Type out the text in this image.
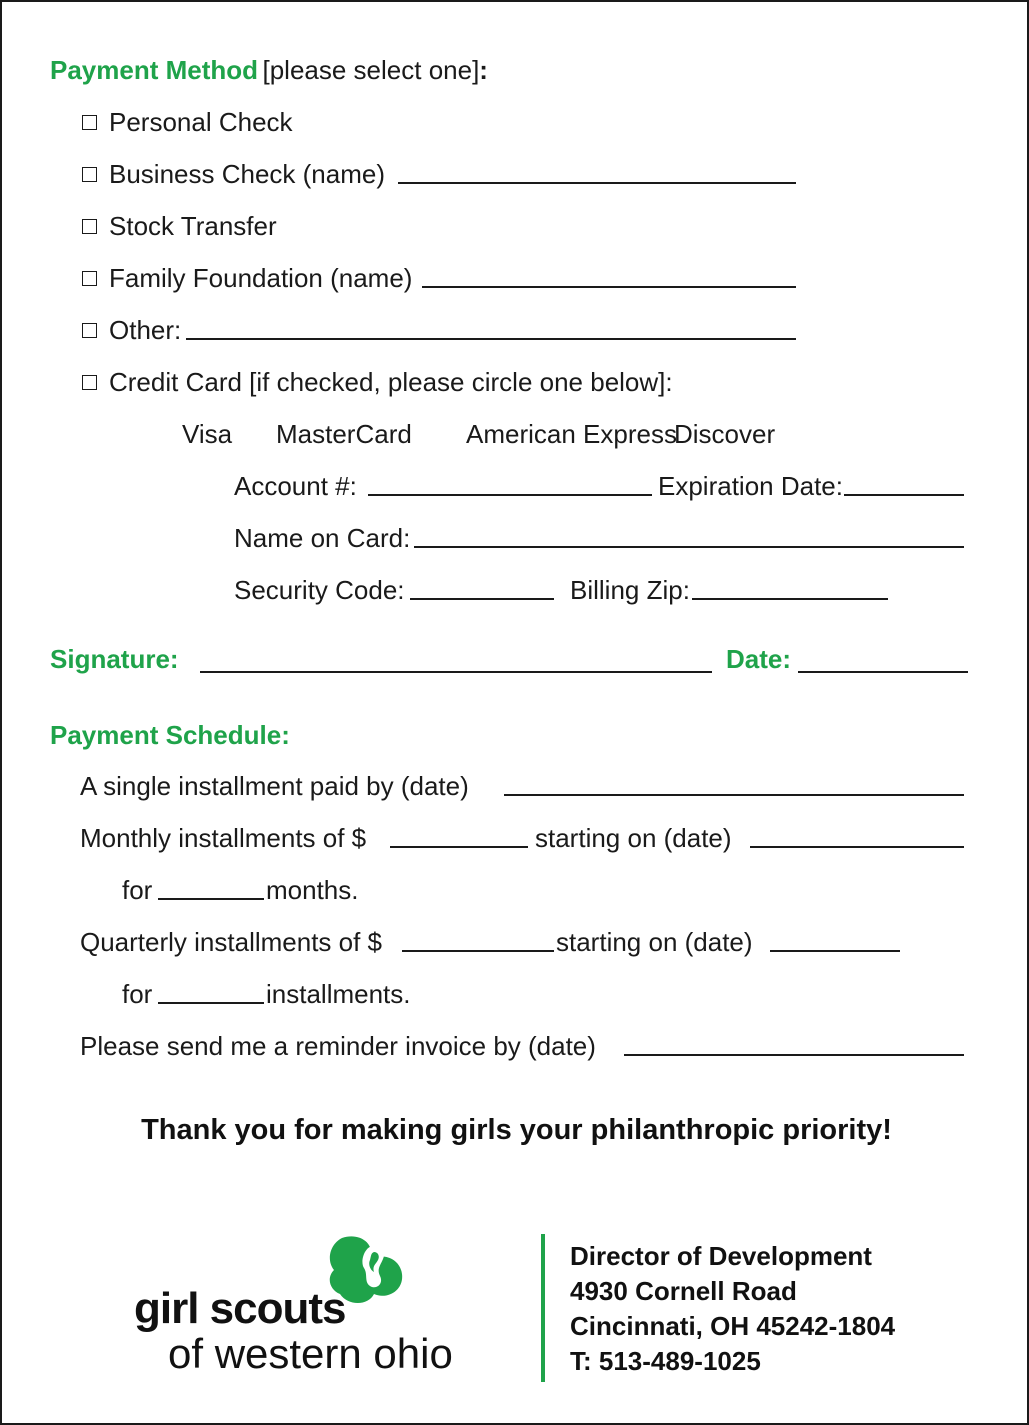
Payment Method [please select one]:
Personal Check
Business Check (name)
Stock Transfer
Family Foundation (name)
Other:
Credit Card [if checked, please circle one below]:
Visa MasterCard American Express
Discover
Account #:	Expiration Date:
Name on Card:
Security Code:	Billing Zip:
Signature:	Date:
Payment Schedule:
A single installment paid by (date)
Monthly installments of $	starting on (date)
for	months.
Quarterly installments of $	starting on (date)
for	installments.
Please send me a reminder invoice by (date)
Thank you for making girls your philanthropic priority!
girl scouts
of western ohio
Director of Development
4930 Cornell Road
Cincinnati, OH 45242-1804
T: 513-489-1025
